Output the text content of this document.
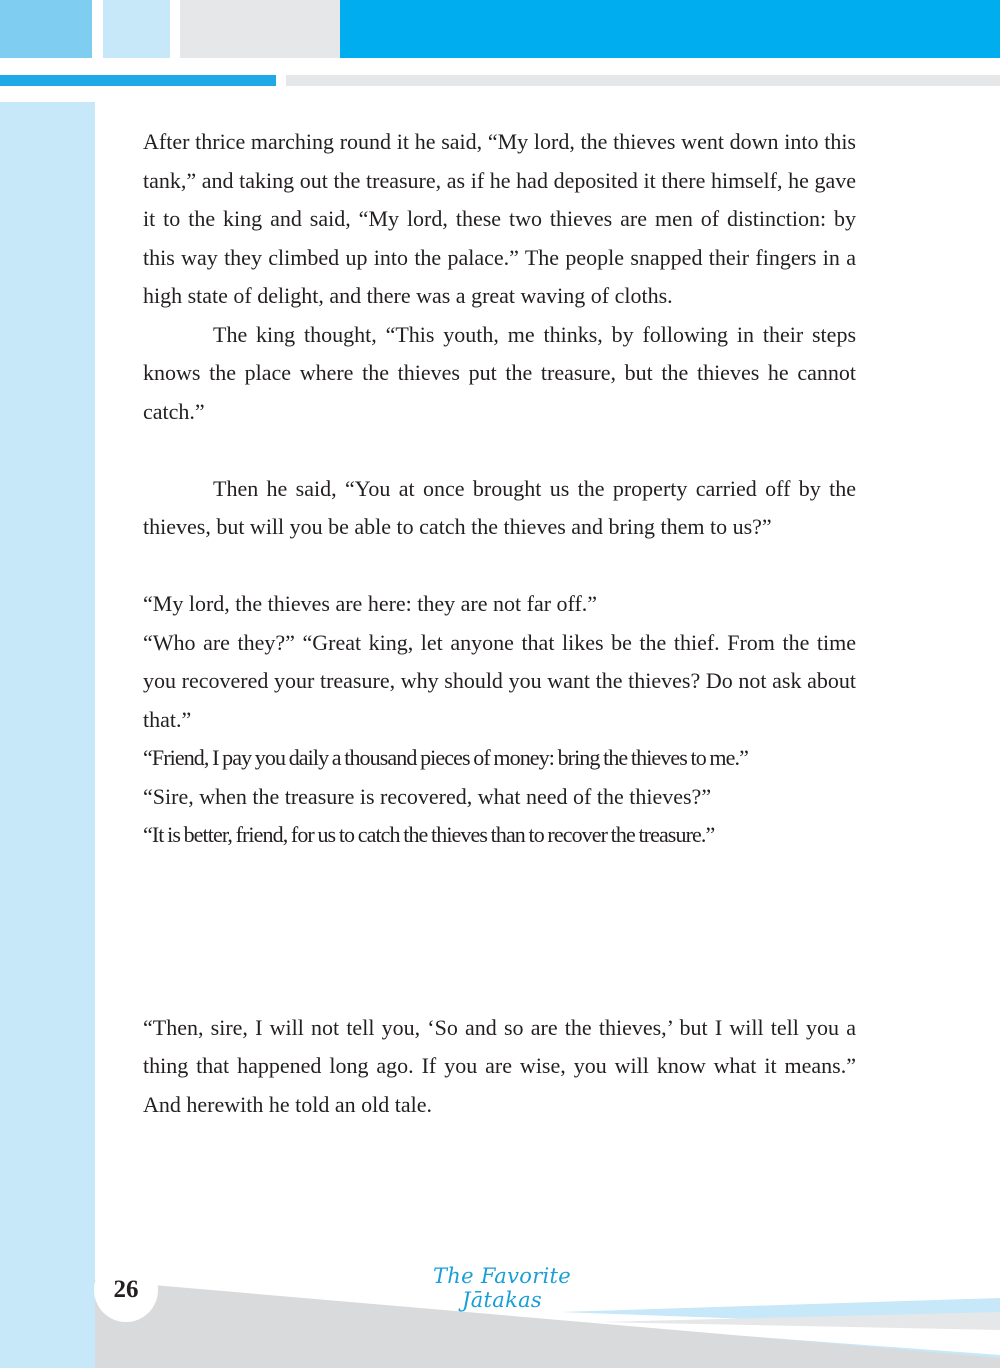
After thrice marching round it he said, “My lord, the thieves went down into this tank,” and taking out the treasure, as if he had deposited it there himself, he gave it to the king and said, “My lord, these two thieves are men of distinction: by this way they climbed up into the palace.” The people snapped their fingers in a high state of delight, and there was a great waving of cloths.

The king thought, “This youth, me thinks, by following in their steps knows the place where the thieves put the treasure, but the thieves he cannot catch.”

Then he said, “You at once brought us the property carried off by the thieves, but will you be able to catch the thieves and bring them to us?”

“My lord, the thieves are here: they are not far off.”

“Who are they?” “Great king, let anyone that likes be the thief. From the time you recovered your treasure, why should you want the thieves? Do not ask about that.”

“Friend, I pay you daily a thousand pieces of money: bring the thieves to me.”

“Sire, when the treasure is recovered, what need of the thieves?”

“It is better, friend, for us to catch the thieves than to recover the treasure.”

“Then, sire, I will not tell you, ‘So and so are the thieves,’ but I will tell you a thing that happened long ago. If you are wise, you will know what it means.” And herewith he told an old tale.

26	The Favorite Jātakas
